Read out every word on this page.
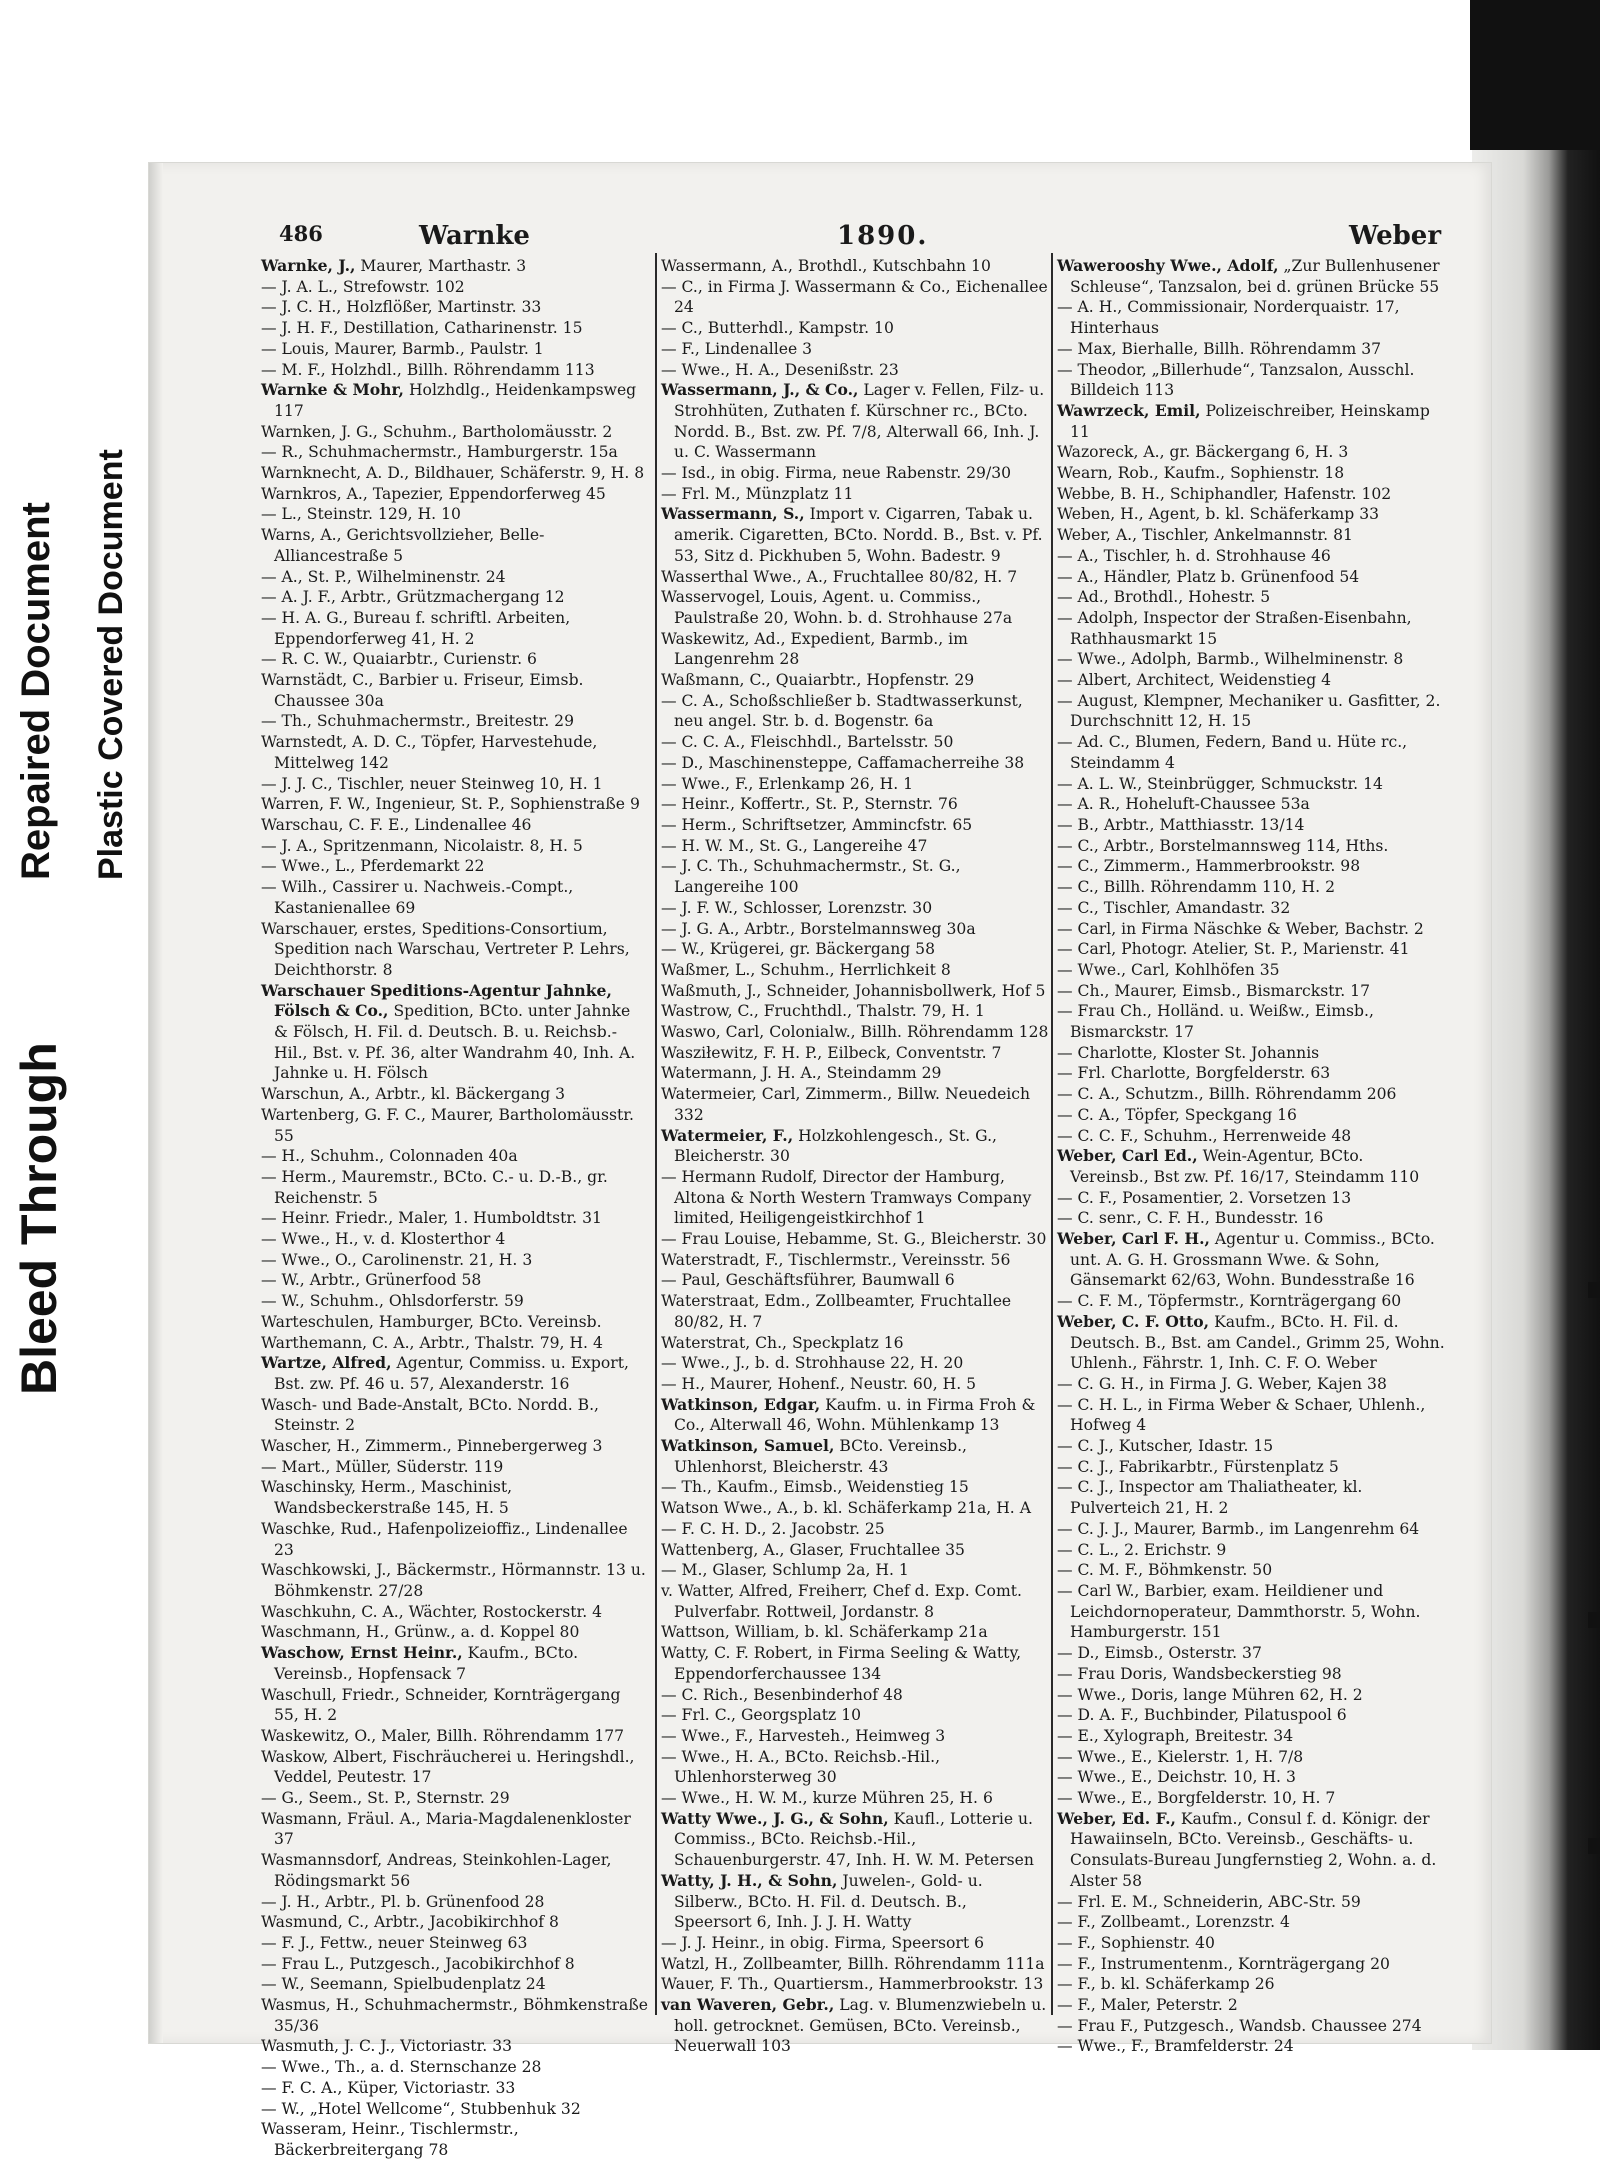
Bleed Through
Repaired Document Plastic Covered Document
486	Warnke	1890.	Weber
Warnke, J., Maurer, Marthastr. 3
— J. A. L., Strefowstr. 102
— J. C. H., Holzflößer, Martinstr. 33
— J. H. F., Destillation, Catharinenstr. 15
— Louis, Maurer, Barmb., Paulstr. 1
— M. F., Holzhdl., Billh. Röhrendamm 113
Warnke & Mohr, Holzhdlg., Heidenkampsweg 117
Warnken, J. G., Schuhm., Bartholomäusstr. 2
— R., Schuhmachermstr., Hamburgerstr. 15a
Warnknecht, A. D., Bildhauer, Schäferstr. 9, H. 8
Warnkros, A., Tapezier, Eppendorferweg 45
— L., Steinstr. 129, H. 10
Warns, A., Gerichtsvollzieher, Belle-Alliancestraße 5
— A., St. P., Wilhelminenstr. 24
— A. J. F., Arbtr., Grützmachergang 12
— H. A. G., Bureau f. schriftl. Arbeiten, Eppendorferweg 41, H. 2
— R. C. W., Quaiarbtr., Curienstr. 6
Warnstädt, C., Barbier u. Friseur, Eimsb. Chaussee 30a
— Th., Schuhmachermstr., Breitestr. 29
Warnstedt, A. D. C., Töpfer, Harvestehude, Mittelweg 142
— J. J. C., Tischler, neuer Steinweg 10, H. 1
Warren, F. W., Ingenieur, St. P., Sophienstraße 9
Warschau, C. F. E., Lindenallee 46
— J. A., Spritzenmann, Nicolaistr. 8, H. 5
— Wwe., L., Pferdemarkt 22
— Wilh., Cassirer u. Nachweis.-Compt., Kastanienallee 69
Warschauer, erstes, Speditions-Consortium, Spedition nach Warschau, Vertreter P. Lehrs, Deichthorstr. 8
Warschauer Speditions-Agentur Jahnke, Fölsch & Co., Spedition, BCto. unter Jahnke & Fölsch, H. Fil. d. Deutsch. B. u. Reichsb.-Hil., Bst. v. Pf. 36, alter Wandrahm 40, Inh. A. Jahnke u. H. Fölsch
Warschun, A., Arbtr., kl. Bäckergang 3
Wartenberg, G. F. C., Maurer, Bartholomäusstr. 55
— H., Schuhm., Colonnaden 40a
— Herm., Mauremstr., BCto. C.- u. D.-B., gr. Reichenstr. 5
— Heinr. Friedr., Maler, 1. Humboldtstr. 31
— Wwe., H., v. d. Klosterthor 4
— Wwe., O., Carolinenstr. 21, H. 3
— W., Arbtr., Grünerfood 58
— W., Schuhm., Ohlsdorferstr. 59
Warteschulen, Hamburger, BCto. Vereinsb.
Warthemann, C. A., Arbtr., Thalstr. 79, H. 4
Wartze, Alfred, Agentur, Commiss. u. Export, Bst. zw. Pf. 46 u. 57, Alexanderstr. 16
Wasch- und Bade-Anstalt, BCto. Nordd. B., Steinstr. 2
Wascher, H., Zimmerm., Pinnebergerweg 3
— Mart., Müller, Süderstr. 119
Waschinsky, Herm., Maschinist, Wandsbeckerstraße 145, H. 5
Waschke, Rud., Hafenpolizeioffiz., Lindenallee 23
Waschkowski, J., Bäckermstr., Hörmannstr. 13 u. Böhmkenstr. 27/28
Waschkuhn, C. A., Wächter, Rostockerstr. 4
Waschmann, H., Grünw., a. d. Koppel 80
Waschow, Ernst Heinr., Kaufm., BCto. Vereinsb., Hopfensack 7
Waschull, Friedr., Schneider, Kornträgergang 55, H. 2
Waskewitz, O., Maler, Billh. Röhrendamm 177
Waskow, Albert, Fischräucherei u. Heringshdl., Veddel, Peutestr. 17
— G., Seem., St. P., Sternstr. 29
Wasmann, Fräul. A., Maria-Magdalenenkloster 37
Wasmannsdorf, Andreas, Steinkohlen-Lager, Rödingsmarkt 56
— J. H., Arbtr., Pl. b. Grünenfood 28
Wasmund, C., Arbtr., Jacobikirchhof 8
— F. J., Fettw., neuer Steinweg 63
— Frau L., Putzgesch., Jacobikirchhof 8
— W., Seemann, Spielbudenplatz 24
Wasmus, H., Schuhmachermstr., Böhmkenstraße 35/36
Wasmuth, J. C. J., Victoriastr. 33
— Wwe., Th., a. d. Sternschanze 28
— F. C. A., Küper, Victoriastr. 33
— W., „Hotel Wellcome“, Stubbenhuk 32
Wasseram, Heinr., Tischlermstr., Bäckerbreitergang 78
Wassermann, A., Brothdl., Kutschbahn 10
— C., in Firma J. Wassermann & Co., Eichenallee 24
— C., Butterhdl., Kampstr. 10
— F., Lindenallee 3
— Wwe., H. A., Desenißstr. 23
Wassermann, J., & Co., Lager v. Fellen, Filz- u. Strohhüten, Zuthaten f. Kürschner rc., BCto. Nordd. B., Bst. zw. Pf. 7/8, Alterwall 66, Inh. J. u. C. Wassermann
— Isd., in obig. Firma, neue Rabenstr. 29/30
— Frl. M., Münzplatz 11
Wassermann, S., Import v. Cigarren, Tabak u. amerik. Cigaretten, BCto. Nordd. B., Bst. v. Pf. 53, Sitz d. Pickhuben 5, Wohn. Badestr. 9
Wasserthal Wwe., A., Fruchtallee 80/82, H. 7
Wasservogel, Louis, Agent. u. Commiss., Paulstraße 20, Wohn. b. d. Strohhause 27a
Waskewitz, Ad., Expedient, Barmb., im Langenrehm 28
Waßmann, C., Quaiarbtr., Hopfenstr. 29
— C. A., Schoßschließer b. Stadtwasserkunst, neu angel. Str. b. d. Bogenstr. 6a
— C. C. A., Fleischhdl., Bartelsstr. 50
— D., Maschinensteppe, Caffamacherreihe 38
— Wwe., F., Erlenkamp 26, H. 1
— Heinr., Koffertr., St. P., Sternstr. 76
— Herm., Schriftsetzer, Ammincfstr. 65
— H. W. M., St. G., Langereihe 47
— J. C. Th., Schuhmachermstr., St. G., Langereihe 100
— J. F. W., Schlosser, Lorenzstr. 30
— J. G. A., Arbtr., Borstelmannsweg 30a
— W., Krügerei, gr. Bäckergang 58
Waßmer, L., Schuhm., Herrlichkeit 8
Waßmuth, J., Schneider, Johannisbollwerk, Hof 5
Wastrow, C., Fruchthdl., Thalstr. 79, H. 1
Waswo, Carl, Colonialw., Billh. Röhrendamm 128
Wasziłewitz, F. H. P., Eilbeck, Conventstr. 7
Watermann, J. H. A., Steindamm 29
Watermeier, Carl, Zimmerm., Billw. Neuedeich 332
Watermeier, F., Holzkohlengesch., St. G., Bleicherstr. 30
— Hermann Rudolf, Director der Hamburg, Altona & North Western Tramways Company limited, Heiligengeistkirchhof 1
— Frau Louise, Hebamme, St. G., Bleicherstr. 30
Waterstradt, F., Tischlermstr., Vereinsstr. 56
— Paul, Geschäftsführer, Baumwall 6
Waterstraat, Edm., Zollbeamter, Fruchtallee 80/82, H. 7
Waterstrat, Ch., Speckplatz 16
— Wwe., J., b. d. Strohhause 22, H. 20
— H., Maurer, Hohenf., Neustr. 60, H. 5
Watkinson, Edgar, Kaufm. u. in Firma Froh & Co., Alterwall 46, Wohn. Mühlenkamp 13
Watkinson, Samuel, BCto. Vereinsb., Uhlenhorst, Bleicherstr. 43
— Th., Kaufm., Eimsb., Weidenstieg 15
Watson Wwe., A., b. kl. Schäferkamp 21a, H. A
— F. C. H. D., 2. Jacobstr. 25
Wattenberg, A., Glaser, Fruchtallee 35
— M., Glaser, Schlump 2a, H. 1
v. Watter, Alfred, Freiherr, Chef d. Exp. Comt. Pulverfabr. Rottweil, Jordanstr. 8
Wattson, William, b. kl. Schäferkamp 21a
Watty, C. F. Robert, in Firma Seeling & Watty, Eppendorferchaussee 134
— C. Rich., Besenbinderhof 48
— Frl. C., Georgsplatz 10
— Wwe., F., Harvesteh., Heimweg 3
— Wwe., H. A., BCto. Reichsb.-Hil., Uhlenhorsterweg 30
— Wwe., H. W. M., kurze Mühren 25, H. 6
Watty Wwe., J. G., & Sohn, Kaufl., Lotterie u. Commiss., BCto. Reichsb.-Hil., Schauenburgerstr. 47, Inh. H. W. M. Petersen
Watty, J. H., & Sohn, Juwelen-, Gold- u. Silberw., BCto. H. Fil. d. Deutsch. B., Speersort 6, Inh. J. J. H. Watty
— J. J. Heinr., in obig. Firma, Speersort 6
Watzl, H., Zollbeamter, Billh. Röhrendamm 111a
Wauer, F. Th., Quartiersm., Hammerbrookstr. 13
van Waveren, Gebr., Lag. v. Blumenzwiebeln u. holl. getrocknet. Gemüsen, BCto. Vereinsb., Neuerwall 103
Wawerooshy Wwe., Adolf, „Zur Bullenhusener Schleuse“, Tanzsalon, bei d. grünen Brücke 55
— A. H., Commissionair, Norderquaistr. 17, Hinterhaus
— Max, Bierhalle, Billh. Röhrendamm 37
— Theodor, „Billerhude“, Tanzsalon, Ausschl. Billdeich 113
Wawrzeck, Emil, Polizeischreiber, Heinskamp 11
Wazoreck, A., gr. Bäckergang 6, H. 3
Wearn, Rob., Kaufm., Sophienstr. 18
Webbe, B. H., Schiphandler, Hafenstr. 102
Weben, H., Agent, b. kl. Schäferkamp 33
Weber, A., Tischler, Ankelmannstr. 81
— A., Tischler, h. d. Strohhause 46
— A., Händler, Platz b. Grünenfood 54
— Ad., Brothdl., Hohestr. 5
— Adolph, Inspector der Straßen-Eisenbahn, Rathhausmarkt 15
— Wwe., Adolph, Barmb., Wilhelminenstr. 8
— Albert, Architect, Weidenstieg 4
— August, Klempner, Mechaniker u. Gasfitter, 2. Durchschnitt 12, H. 15
— Ad. C., Blumen, Federn, Band u. Hüte rc., Steindamm 4
— A. L. W., Steinbrügger, Schmuckstr. 14
— A. R., Hoheluft-Chaussee 53a
— B., Arbtr., Matthiasstr. 13/14
— C., Arbtr., Borstelmannsweg 114, Hths.
— C., Zimmerm., Hammerbrookstr. 98
— C., Billh. Röhrendamm 110, H. 2
— C., Tischler, Amandastr. 32
— Carl, in Firma Näschke & Weber, Bachstr. 2
— Carl, Photogr. Atelier, St. P., Marienstr. 41
— Wwe., Carl, Kohlhöfen 35
— Ch., Maurer, Eimsb., Bismarckstr. 17
— Frau Ch., Holländ. u. Weißw., Eimsb., Bismarckstr. 17
— Charlotte, Kloster St. Johannis
— Frl. Charlotte, Borgfelderstr. 63
— C. A., Schutzm., Billh. Röhrendamm 206
— C. A., Töpfer, Speckgang 16
— C. C. F., Schuhm., Herrenweide 48
Weber, Carl Ed., Wein-Agentur, BCto. Vereinsb., Bst zw. Pf. 16/17, Steindamm 110
— C. F., Posamentier, 2. Vorsetzen 13
— C. senr., C. F. H., Bundesstr. 16
Weber, Carl F. H., Agentur u. Commiss., BCto. unt. A. G. H. Grossmann Wwe. & Sohn, Gänsemarkt 62/63, Wohn. Bundesstraße 16
— C. F. M., Töpfermstr., Kornträgergang 60
Weber, C. F. Otto, Kaufm., BCto. H. Fil. d. Deutsch. B., Bst. am Candel., Grimm 25, Wohn. Uhlenh., Fährstr. 1, Inh. C. F. O. Weber
— C. G. H., in Firma J. G. Weber, Kajen 38
— C. H. L., in Firma Weber & Schaer, Uhlenh., Hofweg 4
— C. J., Kutscher, Idastr. 15
— C. J., Fabrikarbtr., Fürstenplatz 5
— C. J., Inspector am Thaliatheater, kl. Pulverteich 21, H. 2
— C. J. J., Maurer, Barmb., im Langenrehm 64
— C. L., 2. Erichstr. 9
— C. M. F., Böhmkenstr. 50
— Carl W., Barbier, exam. Heildiener und Leichdornoperateur, Dammthorstr. 5, Wohn. Hamburgerstr. 151
— D., Eimsb., Osterstr. 37
— Frau Doris, Wandsbeckerstieg 98
— Wwe., Doris, lange Mühren 62, H. 2
— D. A. F., Buchbinder, Pilatuspool 6
— E., Xylograph, Breitestr. 34
— Wwe., E., Kielerstr. 1, H. 7/8
— Wwe., E., Deichstr. 10, H. 3
— Wwe., E., Borgfelderstr. 10, H. 7
Weber, Ed. F., Kaufm., Consul f. d. Königr. der Hawaiinseln, BCto. Vereinsb., Geschäfts- u. Consulats-Bureau Jungfernstieg 2, Wohn. a. d. Alster 58
— Frl. E. M., Schneiderin, ABC-Str. 59
— F., Zollbeamt., Lorenzstr. 4
— F., Sophienstr. 40
— F., Instrumentenm., Kornträgergang 20
— F., b. kl. Schäferkamp 26
— F., Maler, Peterstr. 2
— Frau F., Putzgesch., Wandsb. Chaussee 274
— Wwe., F., Bramfelderstr. 24
